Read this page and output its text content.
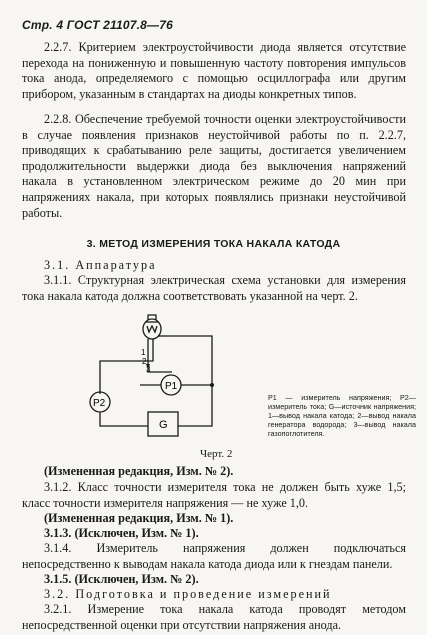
Стр. 4 ГОСТ 21107.8—76
2.2.7. Критерием электроустойчивости диода является отсутствие перехода на пониженную и повышенную частоту повторения импульсов тока анода, определяемого с помощью осциллографа или другим прибором, указанным в стандартах на диоды конкретных типов.
2.2.8. Обеспечение требуемой точности оценки электроустойчивости в случае появления признаков неустойчивой работы по п. 2.2.7, приводящих к срабатыванию реле защиты, достигается увеличением продолжительности выдержки диода без выключения напряжений накала в установленном электрическом режиме до 20 мин при напряжениях накала, при которых появлялись признаки неустойчивой работы.
3. МЕТОД ИЗМЕРЕНИЯ ТОКА НАКАЛА КАТОДА
3.1. Аппаратура
3.1.1. Структурная электрическая схема установки для измерения тока накала катода должна соответствовать указанной на черт. 2.
P1
P2
G
1
2
3
P1 — измеритель напряжения; P2—измеритель тока; G—источник напряжения; 1—вывод накала катода; 2—вывод накала генератора водорода; 3—вывод накала газопоглотителя.
Черт. 2
(Измененная редакция, Изм. № 2).
3.1.2. Класс точности измерителя тока не должен быть хуже 1,5; класс точности измерителя напряжения — не хуже 1,0.
(Измененная редакция, Изм. № 1).
3.1.3. (Исключен, Изм. № 1).
3.1.4. Измеритель напряжения должен подключаться непосредственно к выводам накала катода диода или к гнездам панели.
3.1.5. (Исключен, Изм. № 2).
3.2. Подготовка и проведение измерений
3.2.1. Измерение тока накала катода проводят методом непосредственной оценки при отсутствии напряжения анода.
